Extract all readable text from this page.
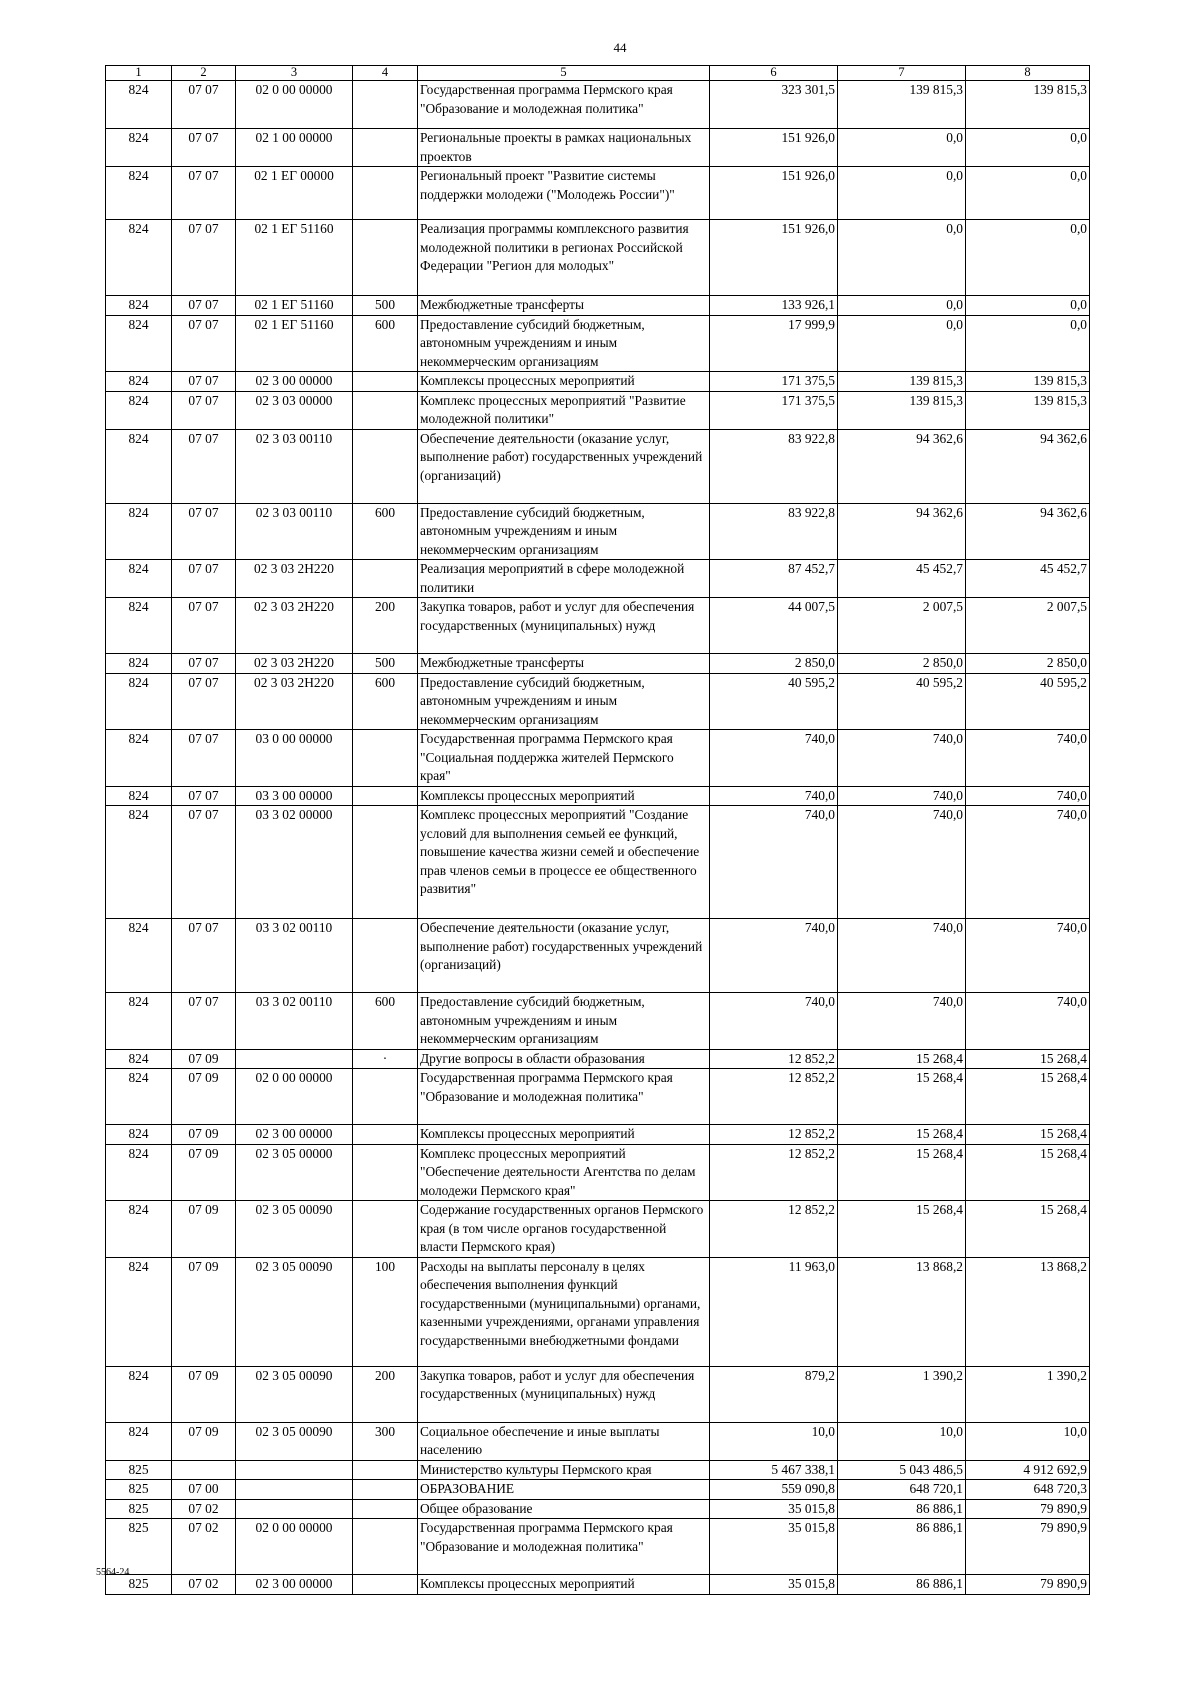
44
1	2	3	4	5	6	7	8
824	07 07	02 0 00 00000		Государственная программа Пермского края "Образование и молодежная политика"	323 301,5	139 815,3	139 815,3
824	07 07	02 1 00 00000		Региональные проекты в рамках национальных проектов	151 926,0	0,0	0,0
824	07 07	02 1 ЕГ 00000		Региональный проект "Развитие системы поддержки молодежи ("Молодежь России")"	151 926,0	0,0	0,0
824	07 07	02 1 ЕГ 51160		Реализация программы комплексного развития молодежной политики в регионах Российской Федерации "Регион для молодых"	151 926,0	0,0	0,0
824	07 07	02 1 ЕГ 51160	500	Межбюджетные трансферты	133 926,1	0,0	0,0
824	07 07	02 1 ЕГ 51160	600	Предоставление субсидий бюджетным, автономным учреждениям и иным некоммерческим организациям	17 999,9	0,0	0,0
824	07 07	02 3 00 00000		Комплексы процессных мероприятий	171 375,5	139 815,3	139 815,3
824	07 07	02 3 03 00000		Комплекс процессных мероприятий "Развитие молодежной политики"	171 375,5	139 815,3	139 815,3
824	07 07	02 3 03 00110		Обеспечение деятельности (оказание услуг, выполнение работ) государственных учреждений (организаций)	83 922,8	94 362,6	94 362,6
824	07 07	02 3 03 00110	600	Предоставление субсидий бюджетным, автономным учреждениям и иным некоммерческим организациям	83 922,8	94 362,6	94 362,6
824	07 07	02 3 03 2Н220		Реализация мероприятий в сфере молодежной политики	87 452,7	45 452,7	45 452,7
824	07 07	02 3 03 2Н220	200	Закупка товаров, работ и услуг для обеспечения государственных (муниципальных) нужд	44 007,5	2 007,5	2 007,5
824	07 07	02 3 03 2Н220	500	Межбюджетные трансферты	2 850,0	2 850,0	2 850,0
824	07 07	02 3 03 2Н220	600	Предоставление субсидий бюджетным, автономным учреждениям и иным некоммерческим организациям	40 595,2	40 595,2	40 595,2
824	07 07	03 0 00 00000		Государственная программа Пермского края "Социальная поддержка жителей Пермского края"	740,0	740,0	740,0
824	07 07	03 3 00 00000		Комплексы процессных мероприятий	740,0	740,0	740,0
824	07 07	03 3 02 00000		Комплекс процессных мероприятий "Создание условий для выполнения семьей ее функций, повышение качества жизни семей и обеспечение прав членов семьи в процессе ее общественного развития"	740,0	740,0	740,0
824	07 07	03 3 02 00110		Обеспечение деятельности (оказание услуг, выполнение работ) государственных учреждений (организаций)	740,0	740,0	740,0
824	07 07	03 3 02 00110	600	Предоставление субсидий бюджетным, автономным учреждениям и иным некоммерческим организациям	740,0	740,0	740,0
824	07 09		·	Другие вопросы в области образования	12 852,2	15 268,4	15 268,4
824	07 09	02 0 00 00000		Государственная программа Пермского края "Образование и молодежная политика"	12 852,2	15 268,4	15 268,4
824	07 09	02 3 00 00000		Комплексы процессных мероприятий	12 852,2	15 268,4	15 268,4
824	07 09	02 3 05 00000		Комплекс процессных мероприятий "Обеспечение деятельности Агентства по делам молодежи Пермского края"	12 852,2	15 268,4	15 268,4
824	07 09	02 3 05 00090		Содержание государственных органов Пермского края (в том числе органов государственной власти Пермского края)	12 852,2	15 268,4	15 268,4
824	07 09	02 3 05 00090	100	Расходы на выплаты персоналу в целях обеспечения выполнения функций государственными (муниципальными) органами, казенными учреждениями, органами управления государственными внебюджетными фондами	11 963,0	13 868,2	13 868,2
824	07 09	02 3 05 00090	200	Закупка товаров, работ и услуг для обеспечения государственных (муниципальных) нужд	879,2	1 390,2	1 390,2
824	07 09	02 3 05 00090	300	Социальное обеспечение и иные выплаты населению	10,0	10,0	10,0
825				Министерство культуры Пермского края	5 467 338,1	5 043 486,5	4 912 692,9
825	07 00			ОБРАЗОВАНИЕ	559 090,8	648 720,1	648 720,3
825	07 02			Общее образование	35 015,8	86 886,1	79 890,9
825	07 02	02 0 00 00000		Государственная программа Пермского края "Образование и молодежная политика"	35 015,8	86 886,1	79 890,9
825	07 02	02 3 00 00000		Комплексы процессных мероприятий	35 015,8	86 886,1	79 890,9
5564-24
